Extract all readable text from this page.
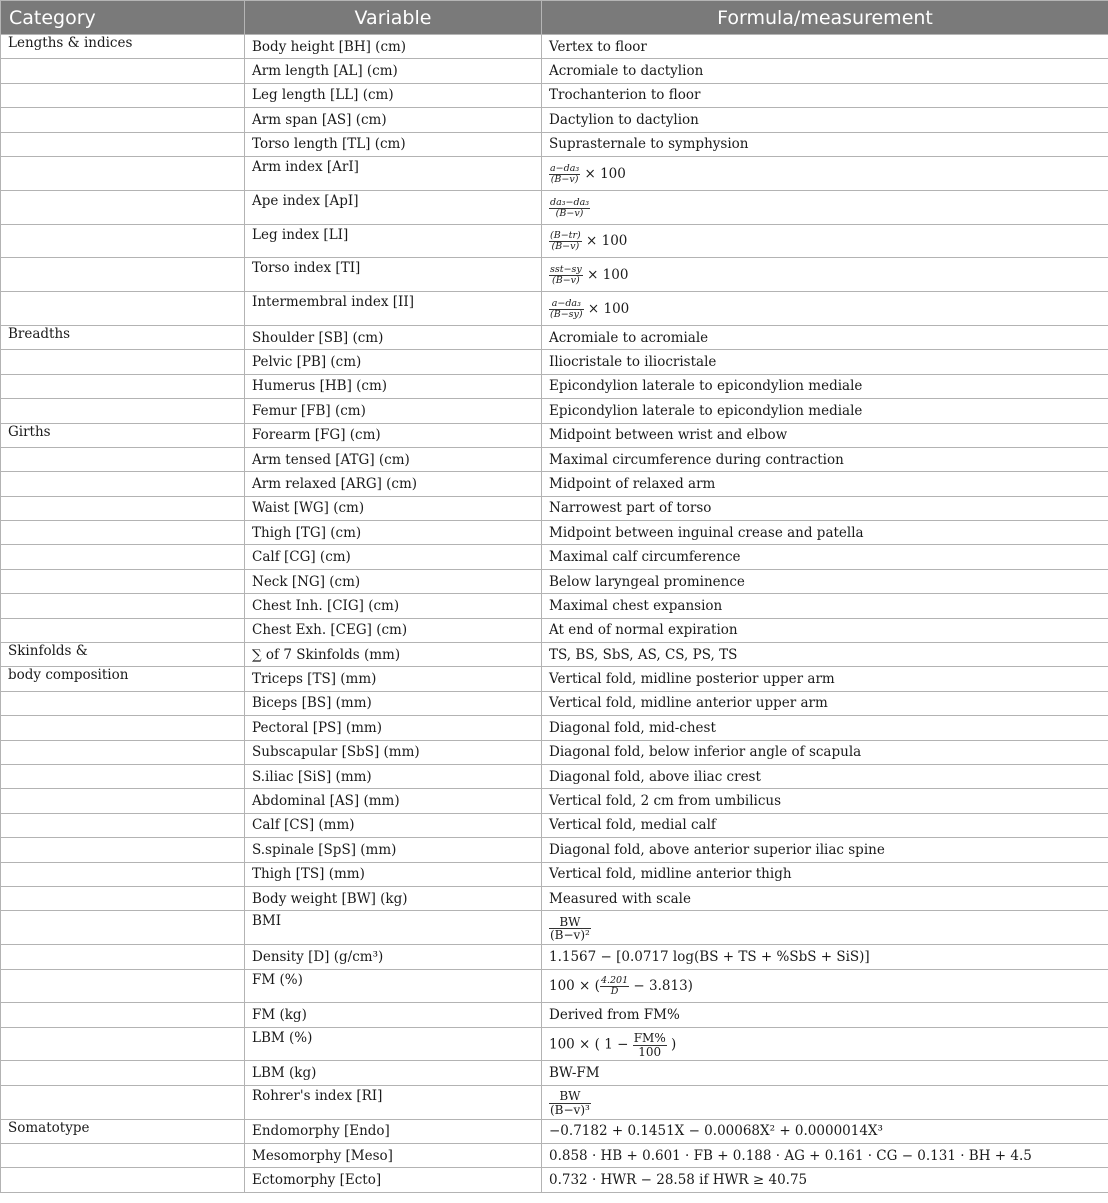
Category	Variable	Formula/measurement
Lengths & indices	Body height [BH] (cm)	Vertex to floor
	Arm length [AL] (cm)	Acromiale to dactylion
	Leg length [LL] (cm)	Trochanterion to floor
	Arm span [AS] (cm)	Dactylion to dactylion
	Torso length [TL] (cm)	Suprasternale to symphysion
	Arm index [ArI]	$\frac{\text{a−da₃}}{(B-v)} \times 100$
	Ape index [ApI]	$\frac{\text{da₃−da₃}}{(B-v)}$

	Leg index [LI]	$\frac{(B-tr)}{(B-v)} \times 100$
	Torso index [TI]	$\frac{\text{sst−sy}}{(B-v)} \times 100$
	Intermembral index [II]	$\frac{\text{a−da₃}}{(B-sy)} \times 100$
Breadths	Shoulder [SB] (cm)	Acromiale to acromiale
	Pelvic [PB] (cm)	Iliocristale to iliocristale
	Humerus [HB] (cm)	Epicondylion laterale to epicondylion mediale
	Femur [FB] (cm)	Epicondylion laterale to epicondylion mediale
Girths	Forearm [FG] (cm)	Midpoint between wrist and elbow
	Arm tensed [ATG] (cm)	Maximal circumference during contraction
	Arm relaxed [ARG] (cm)	Midpoint of relaxed arm
	Waist [WG] (cm)	Narrowest part of torso
	Thigh [TG] (cm)	Midpoint between inguinal crease and patella
	Calf [CG] (cm)	Maximal calf circumference
	Neck [NG] (cm)	Below laryngeal prominence
	Chest Inh. [CIG] (cm)	Maximal chest expansion
	Chest Exh. [CEG] (cm)	At end of normal expiration
Skinfolds &	∑ of 7 Skinfolds (mm)	TS, BS, SbS, AS, CS, PS, TS
body composition	Triceps [TS] (mm)	Vertical fold, midline posterior upper arm
	Biceps [BS] (mm)	Vertical fold, midline anterior upper arm
	Pectoral [PS] (mm)	Diagonal fold, mid-chest
	Subscapular [SbS] (mm)	Diagonal fold, below inferior angle of scapula
	S.iliac [SiS] (mm)	Diagonal fold, above iliac crest
	Abdominal [AS] (mm)	Vertical fold, 2 cm from umbilicus
	Calf [CS] (mm)	Vertical fold, medial calf
	S.spinale [SpS] (mm)	Diagonal fold, above anterior superior iliac spine
	Thigh [TS] (mm)	Vertical fold, midline anterior thigh
	Body weight [BW] (kg)	Measured with scale
	BMI	$\frac{BW}{\text{(B−v)²}}$

	Density [D] (g/cm³)	1.1567 − [0.0717 log(BS + TS + %SbS + SiS)]
	FM (%)	100 × ( $\frac{4.201}{D} - 3.813$)
	FM (kg)	Derived from FM%
	LBM (%)	100 × ( $1 - \frac{FM\%}{100}$ )
	LBM (kg)	BW-FM
	Rohrer's index [RI]	$\frac{BW}{\text{(B−v)³}}$

Somatotype	Endomorphy [Endo]	−0.7182 + 0.1451X − 0.00068X² + 0.0000014X³
	Mesomorphy [Meso]	0.858 · HB + 0.601 · FB + 0.188 · AG + 0.161 · CG − 0.131 · BH + 4.5
	Ectomorphy [Ecto]	0.732 · HWR − 28.58 if HWR ≥ 40.75
